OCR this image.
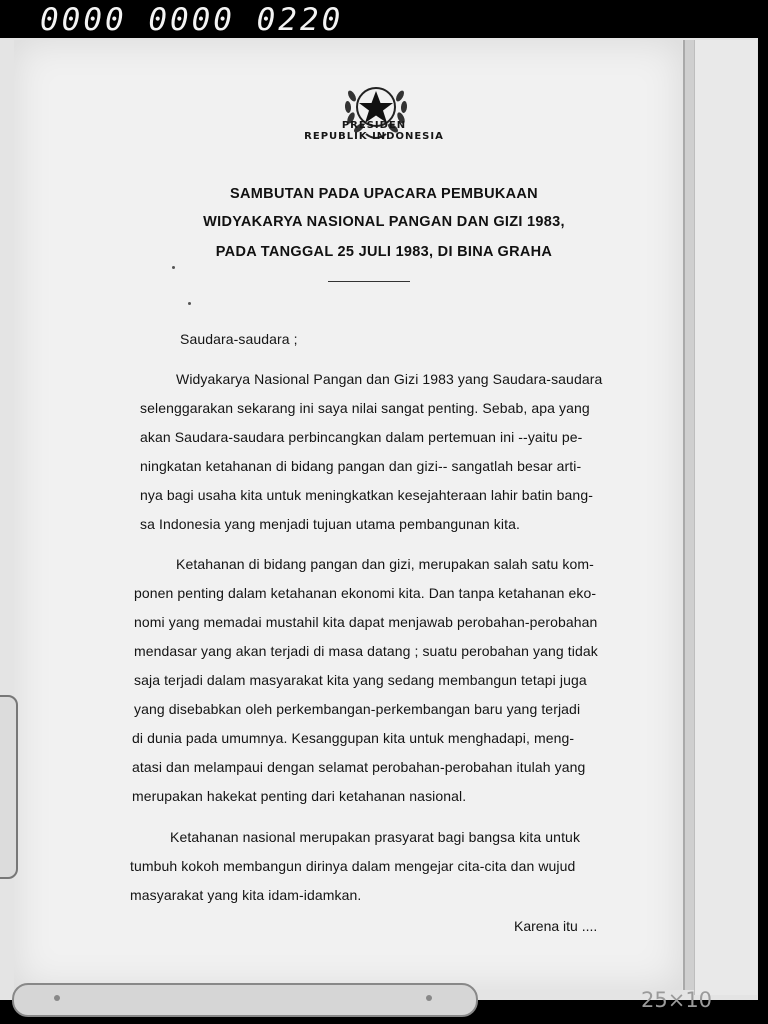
0000 0000 0220
PRESIDEN
REPUBLIK INDONESIA
SAMBUTAN PADA UPACARA PEMBUKAAN
WIDYAKARYA NASIONAL PANGAN DAN GIZI 1983,
PADA TANGGAL 25 JULI 1983, DI BINA GRAHA
Saudara-saudara ;
Widyakarya Nasional Pangan dan Gizi 1983 yang Saudara-saudara
selenggarakan sekarang ini saya nilai sangat penting. Sebab, apa yang
akan Saudara-saudara perbincangkan dalam pertemuan ini --yaitu pe-
ningkatan ketahanan di bidang pangan dan gizi-- sangatlah besar arti-
nya bagi usaha kita untuk meningkatkan kesejahteraan lahir batin bang-
sa Indonesia yang menjadi tujuan utama pembangunan kita.
Ketahanan di bidang pangan dan gizi, merupakan salah satu kom-
ponen penting dalam ketahanan ekonomi kita. Dan tanpa ketahanan eko-
nomi yang memadai mustahil kita dapat menjawab perobahan-perobahan
mendasar yang akan terjadi di masa datang ; suatu perobahan yang tidak
saja terjadi dalam masyarakat kita yang sedang membangun tetapi juga
yang disebabkan oleh perkembangan-perkembangan baru yang terjadi
di dunia pada umumnya. Kesanggupan kita untuk menghadapi, meng-
atasi dan melampaui dengan selamat perobahan-perobahan itulah yang
merupakan hakekat penting dari ketahanan nasional.
Ketahanan nasional merupakan prasyarat bagi bangsa kita untuk
tumbuh kokoh membangun dirinya dalam mengejar cita-cita dan wujud
masyarakat yang kita idam-idamkan.
Karena itu ....
25×10
